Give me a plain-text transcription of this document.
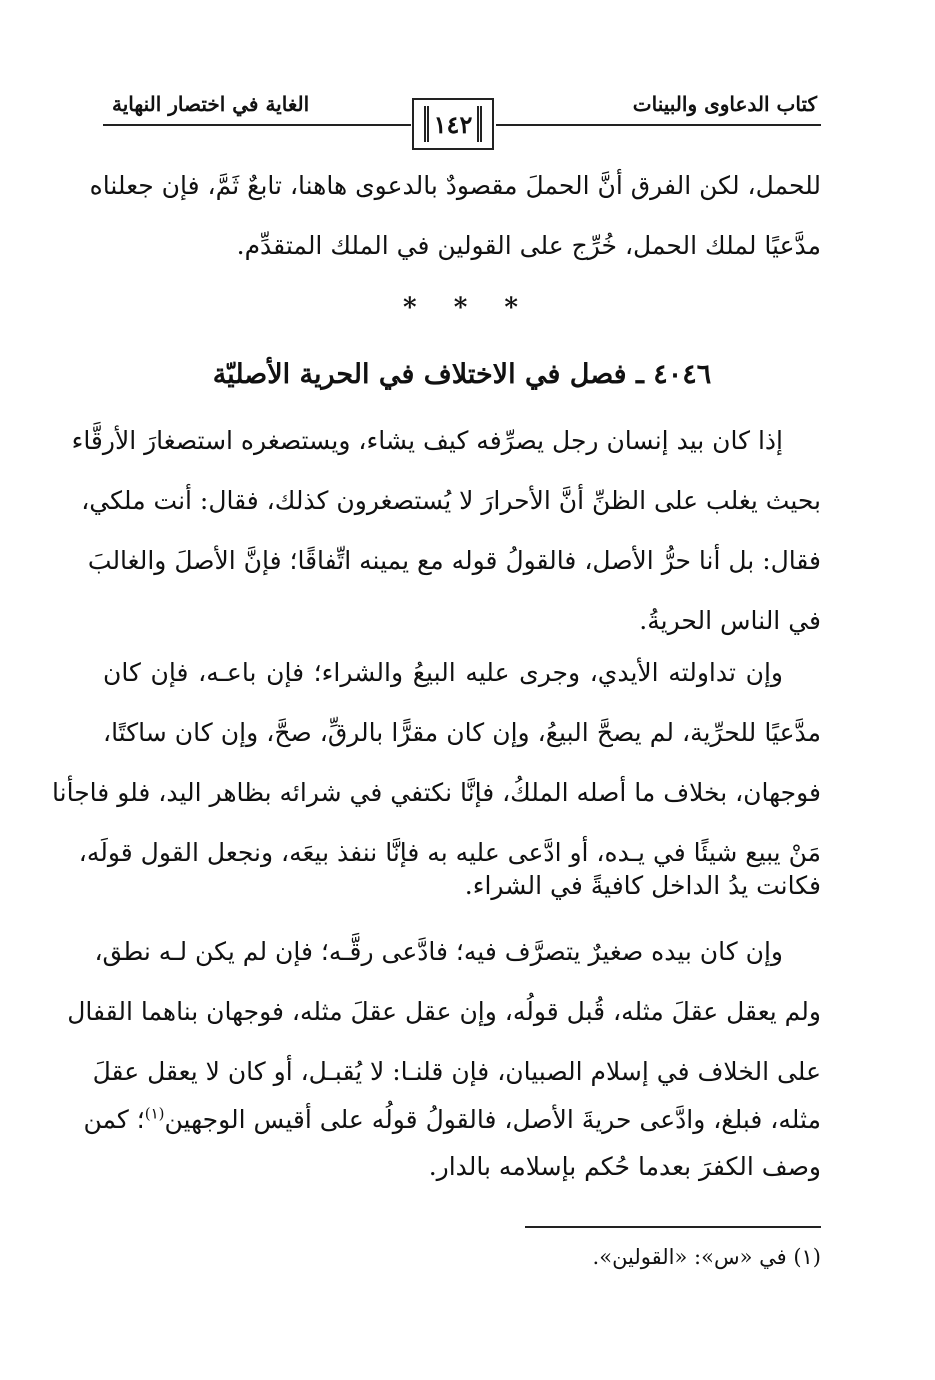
كتاب الدعاوى والبينات
الغاية في اختصار النهاية
١٤٢
للحمل، لكن الفرق أنَّ الحملَ مقصودٌ بالدعوى هاهنا، تابعٌ ثَمَّ، فإن جعلناه
مدَّعيًا لملك الحمل، خُرِّج على القولين في الملك المتقدِّم.
* * *
٤٠٤٦ ـ فصل في الاختلاف في الحرية الأصليّة
إذا كان بيد إنسان رجل يصرِّفه كيف يشاء، ويستصغره استصغارَ الأرقَّاء
بحيث يغلب على الظنِّ أنَّ الأحرارَ لا يُستصغرون كذلك، فقال: أنت ملكي،
فقال: بل أنا حرُّ الأصل، فالقولُ قوله مع يمينه اتِّفاقًا؛ فإنَّ الأصلَ والغالبَ
في الناس الحريةُ.
وإن تداولته الأيدي، وجرى عليه البيعُ والشراء؛ فإن باعـه، فإن كان
مدَّعيًا للحرِّية، لم يصحَّ البيعُ، وإن كان مقرًّا بالرقِّ، صحَّ، وإن كان ساكتًا،
فوجهان، بخلاف ما أصله الملكُ، فإنَّا نكتفي في شرائه بظاهر اليد، فلو فاجأنا
مَنْ يبيع شيئًا في يـده، أو ادَّعى عليه به فإنَّا ننفذ بيعَه، ونجعل القول قولَه،
فكانت يدُ الداخل كافيةً في الشراء.
وإن كان بيده صغيرٌ يتصرَّف فيه؛ فادَّعى رقَّـه؛ فإن لم يكن لـه نطق،
ولم يعقل عقلَ مثله، قُبل قولُه، وإن عقل عقلَ مثله، فوجهان بناهما القفال
على الخلاف في إسلام الصبيان، فإن قلنـا: لا يُقبـل، أو كان لا يعقل عقلَ
مثله، فبلغ، وادَّعى حريةَ الأصل، فالقولُ قولُه على أقيس الوجهين$^{(١)}$؛ كمن
وصف الكفرَ بعدما حُكم بإسلامه بالدار.
(١) في «س»: «القولين».
